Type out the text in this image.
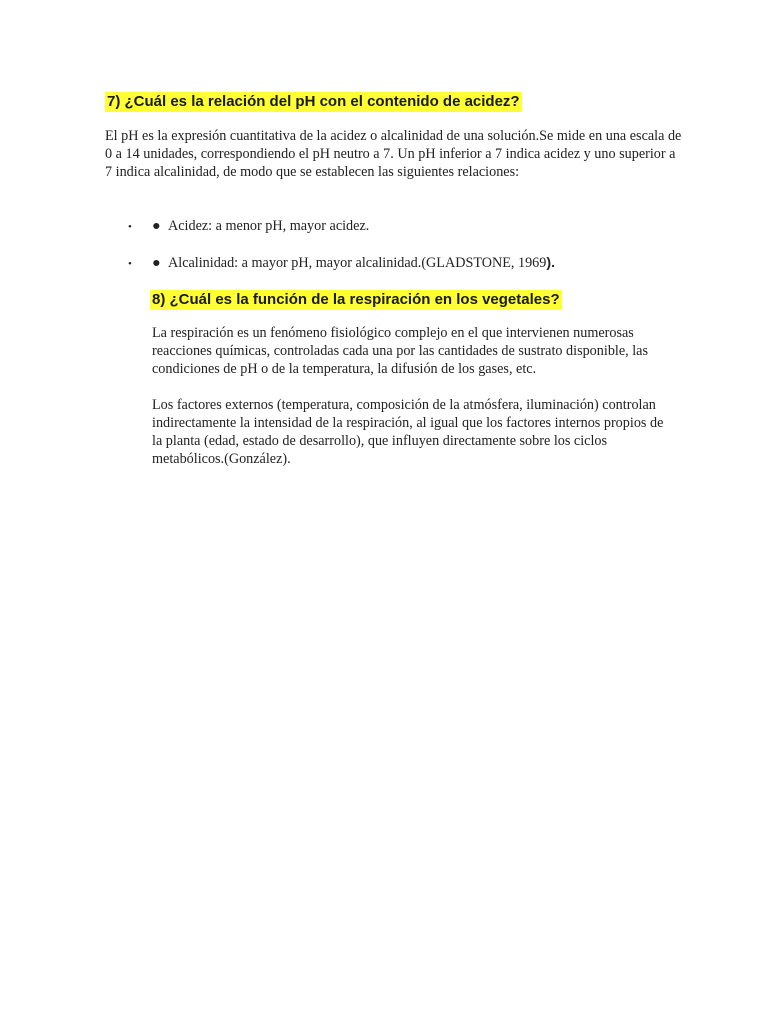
7) ¿Cuál es la relación del pH con el contenido de acidez?

El pH es la expresión cuantitativa de la acidez o alcalinidad de una solución.Se mide en una escala de 0 a 14 unidades, correspondiendo el pH neutro a 7. Un pH inferior a 7 indica acidez y uno superior a 7 indica alcalinidad, de modo que se establecen las siguientes relaciones:

• ● Acidez: a menor pH, mayor acidez.
• ● Alcalinidad: a mayor pH, mayor alcalinidad.(GLADSTONE, 1969).
8) ¿Cuál es la función de la respiración en los vegetales?

La respiración es un fenómeno fisiológico complejo en el que intervienen numerosas reacciones químicas, controladas cada una por las cantidades de sustrato disponible, las condiciones de pH o de la temperatura, la difusión de los gases, etc.

Los factores externos (temperatura, composición de la atmósfera, iluminación) controlan indirectamente la intensidad de la respiración, al igual que los factores internos propios de la planta (edad, estado de desarrollo), que influyen directamente sobre los ciclos metabólicos.(González).
